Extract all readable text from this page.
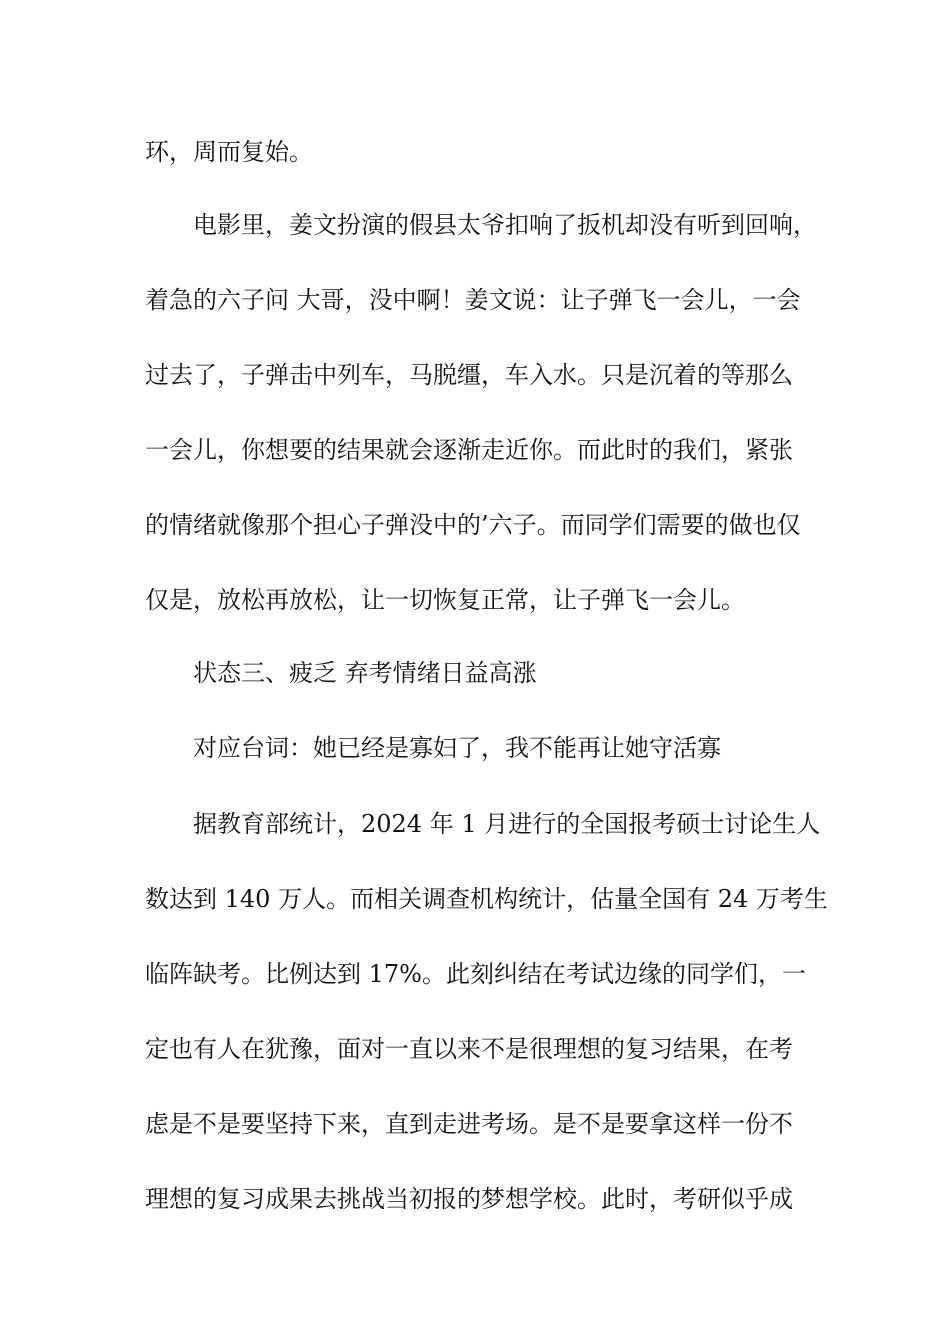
环，周而复始。

电影里，姜文扮演的假县太爷扣响了扳机却没有听到回响，

着急的六子问 大哥，没中啊！姜文说：让子弹飞一会儿，一会

过去了，子弹击中列车，马脱缰，车入水。只是沉着的等那么

一会儿，你想要的结果就会逐渐走近你。而此时的我们，紧张

的情绪就像那个担心子弹没中的’六子。而同学们需要的做也仅

仅是，放松再放松，让一切恢复正常，让子弹飞一会儿。

状态三、疲乏 弃考情绪日益高涨

对应台词：她已经是寡妇了，我不能再让她守活寡

据教育部统计，2024 年 1 月进行的全国报考硕士讨论生人

数达到 140 万人。而相关调查机构统计，估量全国有 24 万考生

临阵缺考。比例达到 17%。此刻纠结在考试边缘的同学们，一

定也有人在犹豫，面对一直以来不是很理想的复习结果，在考

虑是不是要坚持下来，直到走进考场。是不是要拿这样一份不

理想的复习成果去挑战当初报的梦想学校。此时，考研似乎成
